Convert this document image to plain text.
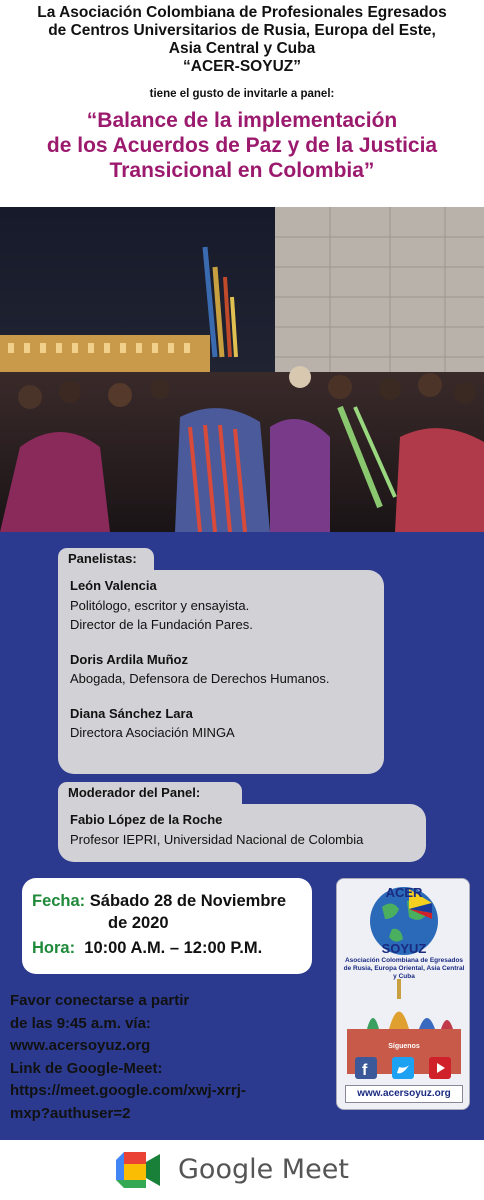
La Asociación Colombiana de Profesionales Egresados
de Centros Universitarios de Rusia, Europa del Este,
Asia Central y Cuba
“ACER-SOYUZ”
tiene el gusto de invitarle a panel:
“Balance de la implementación
de los Acuerdos de Paz y de la Justicia
Transicional en Colombia”
Panelistas:
León Valencia
Politólogo, escritor y ensayista.
Director de la Fundación Pares.
Doris Ardila Muñoz
Abogada, Defensora de Derechos Humanos.
Diana Sánchez Lara
Directora Asociación MINGA
Moderador del Panel:
Fabio López de la Roche
Profesor IEPRI, Universidad Nacional de Colombia
Fecha: Sábado 28 de Noviembre
de 2020
Hora: 10:00 A.M. – 12:00 P.M.
Favor conectarse a partir
de las 9:45 a.m. vía:
www.acersoyuz.org
Link de Google-Meet:
https://meet.google.com/xwj-xrrj-
mxp?authuser=2
f
ACER
SOYUZ
Asociación Colombiana de Egresados
de Rusia, Europa Oriental, Asia Central
y Cuba
Síguenos
www.acersoyuz.org
Google Meet
